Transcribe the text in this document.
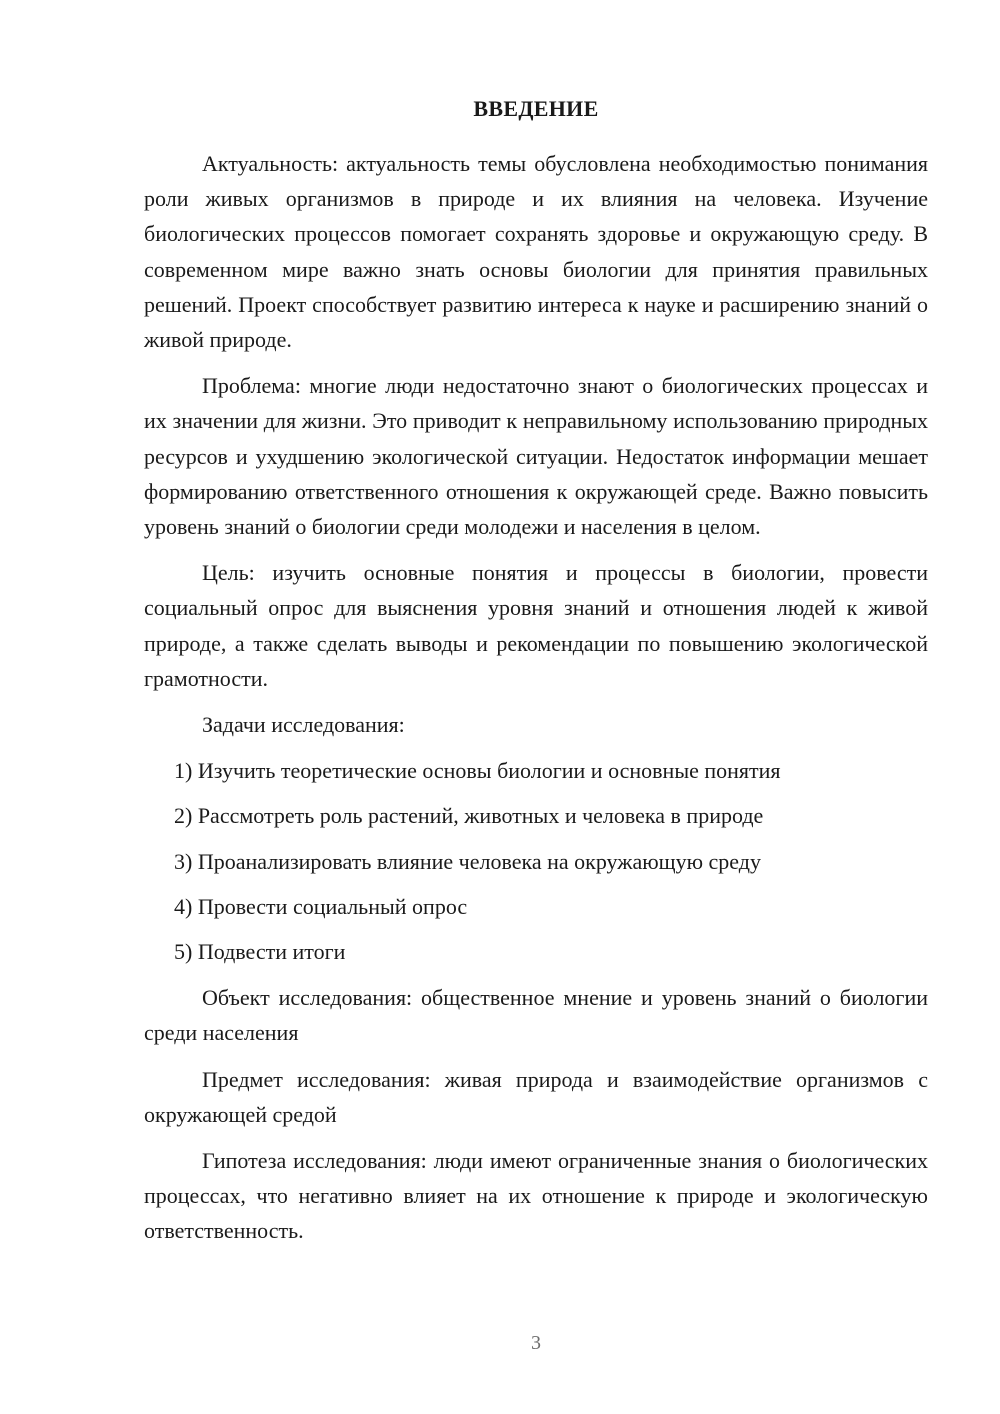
ВВЕДЕНИЕ

Актуальность: актуальность темы обусловлена необходимостью понимания роли живых организмов в природе и их влияния на человека. Изучение биологических процессов помогает сохранять здоровье и окружающую среду. В современном мире важно знать основы биологии для принятия правильных решений. Проект способствует развитию интереса к науке и расширению знаний о живой природе.

Проблема: многие люди недостаточно знают о биологических процессах и их значении для жизни. Это приводит к неправильному использованию природных ресурсов и ухудшению экологической ситуации. Недостаток информации мешает формированию ответственного отношения к окружающей среде. Важно повысить уровень знаний о биологии среди молодежи и населения в целом.

Цель: изучить основные понятия и процессы в биологии, провести социальный опрос для выяснения уровня знаний и отношения людей к живой природе, а также сделать выводы и рекомендации по повышению экологической грамотности.

Задачи исследования:

1) Изучить теоретические основы биологии и основные понятия
2) Рассмотреть роль растений, животных и человека в природе
3) Проанализировать влияние человека на окружающую среду
4) Провести социальный опрос
5) Подвести итоги

Объект исследования: общественное мнение и уровень знаний о биологии среди населения

Предмет исследования: живая природа и взаимодействие организмов с окружающей средой

Гипотеза исследования: люди имеют ограниченные знания о биологических процессах, что негативно влияет на их отношение к природе и экологическую ответственность.

3
